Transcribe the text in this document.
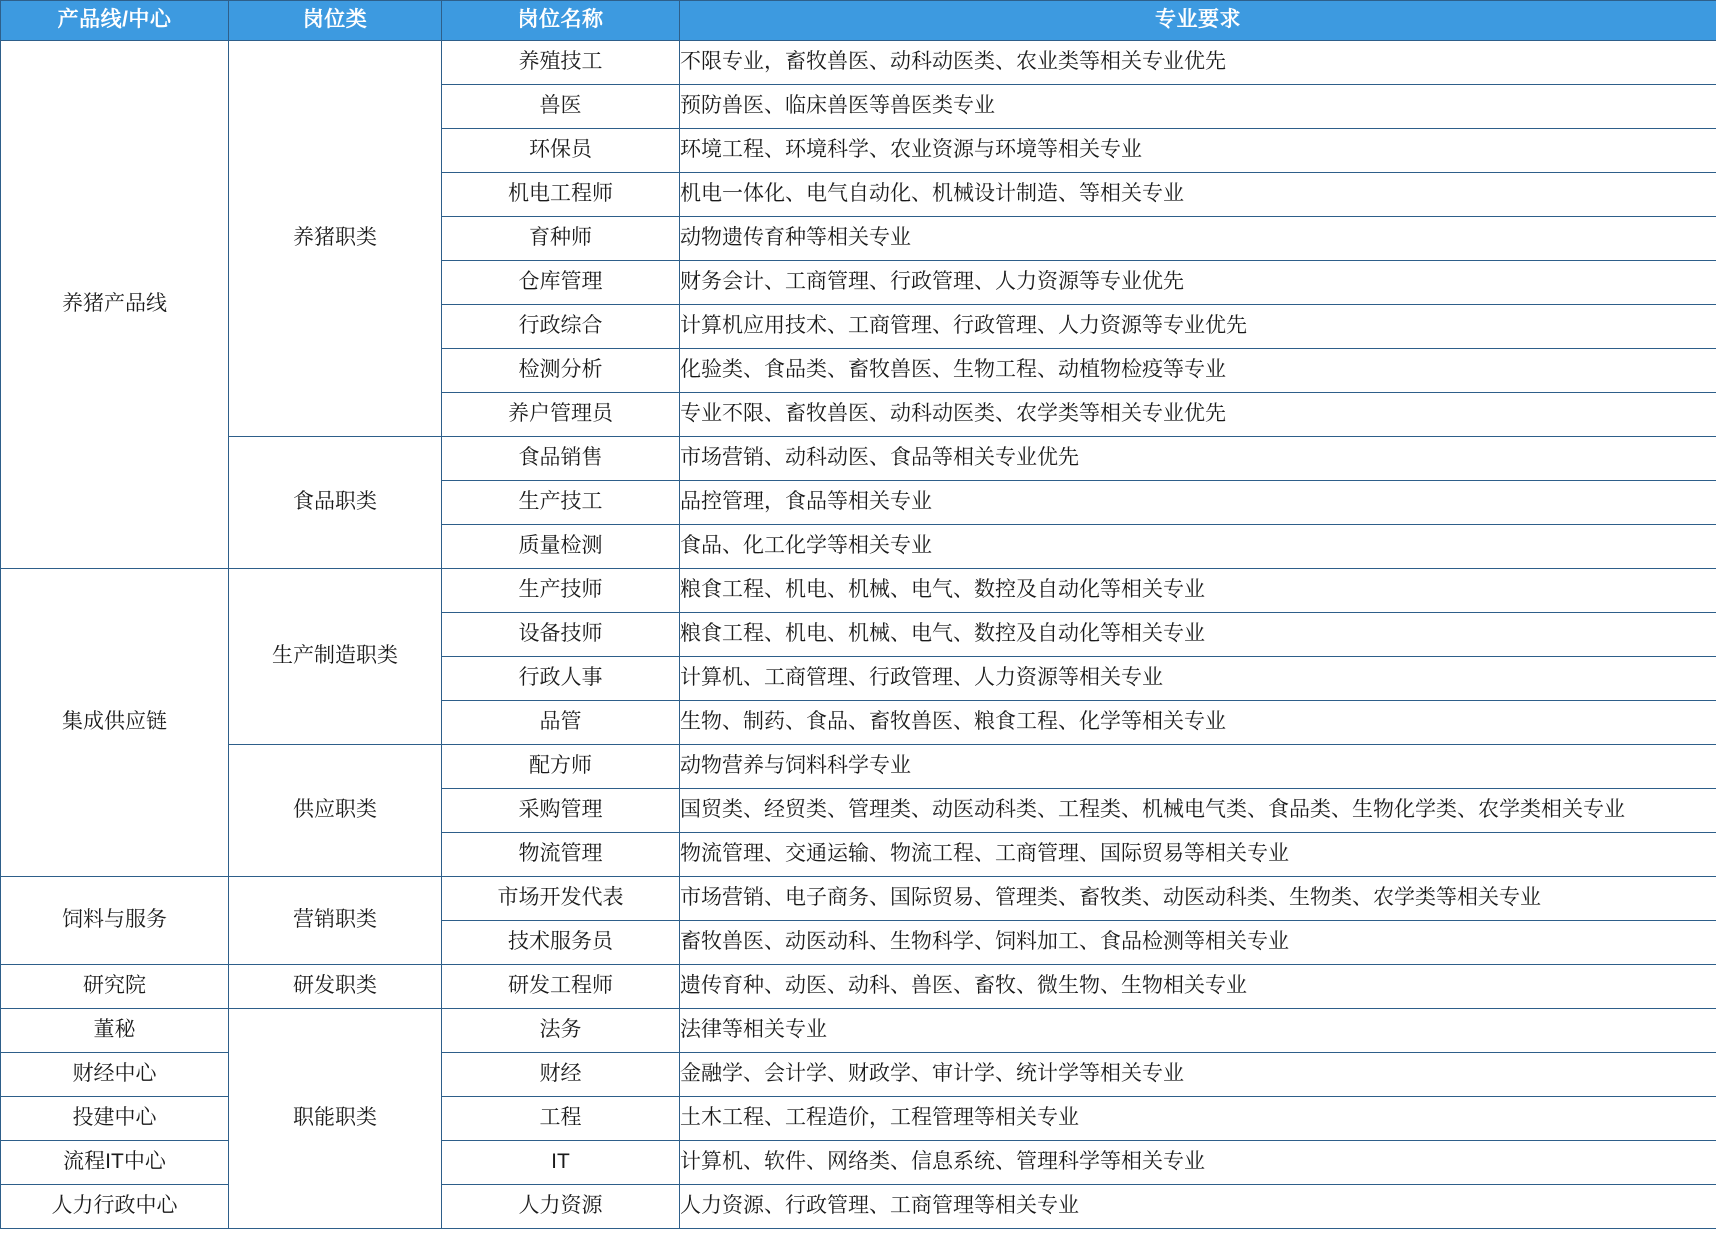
产品线/中心	岗位类	岗位名称	专业要求
养猪产品线	养猪职类	养殖技工	不限专业，畜牧兽医、动科动医类、农业类等相关专业优先
		兽医	预防兽医、临床兽医等兽医类专业
		环保员	环境工程、环境科学、农业资源与环境等相关专业
		机电工程师	机电一体化、电气自动化、机械设计制造、等相关专业
		育种师	动物遗传育种等相关专业
		仓库管理	财务会计、工商管理、行政管理、人力资源等专业优先
		行政综合	计算机应用技术、工商管理、行政管理、人力资源等专业优先
		检测分析	化验类、食品类、畜牧兽医、生物工程、动植物检疫等专业
		养户管理员	专业不限、畜牧兽医、动科动医类、农学类等相关专业优先
	食品职类	食品销售	市场营销、动科动医、食品等相关专业优先
		生产技工	品控管理，食品等相关专业
		质量检测	食品、化工化学等相关专业
集成供应链	生产制造职类	生产技师	粮食工程、机电、机械、电气、数控及自动化等相关专业
		设备技师	粮食工程、机电、机械、电气、数控及自动化等相关专业
		行政人事	计算机、工商管理、行政管理、人力资源等相关专业
		品管	生物、制药、食品、畜牧兽医、粮食工程、化学等相关专业
	供应职类	配方师	动物营养与饲料科学专业
		采购管理	国贸类、经贸类、管理类、动医动科类、工程类、机械电气类、食品类、生物化学类、农学类相关专业
		物流管理	物流管理、交通运输、物流工程、工商管理、国际贸易等相关专业
饲料与服务	营销职类	市场开发代表	市场营销、电子商务、国际贸易、管理类、畜牧类、动医动科类、生物类、农学类等相关专业
		技术服务员	畜牧兽医、动医动科、生物科学、饲料加工、食品检测等相关专业
研究院	研发职类	研发工程师	遗传育种、动医、动科、兽医、畜牧、微生物、生物相关专业
董秘	职能职类	法务	法律等相关专业
财经中心		财经	金融学、会计学、财政学、审计学、统计学等相关专业
投建中心		工程	土木工程、工程造价，工程管理等相关专业
流程IT中心		IT	计算机、软件、网络类、信息系统、管理科学等相关专业
人力行政中心		人力资源	人力资源、行政管理、工商管理等相关专业
